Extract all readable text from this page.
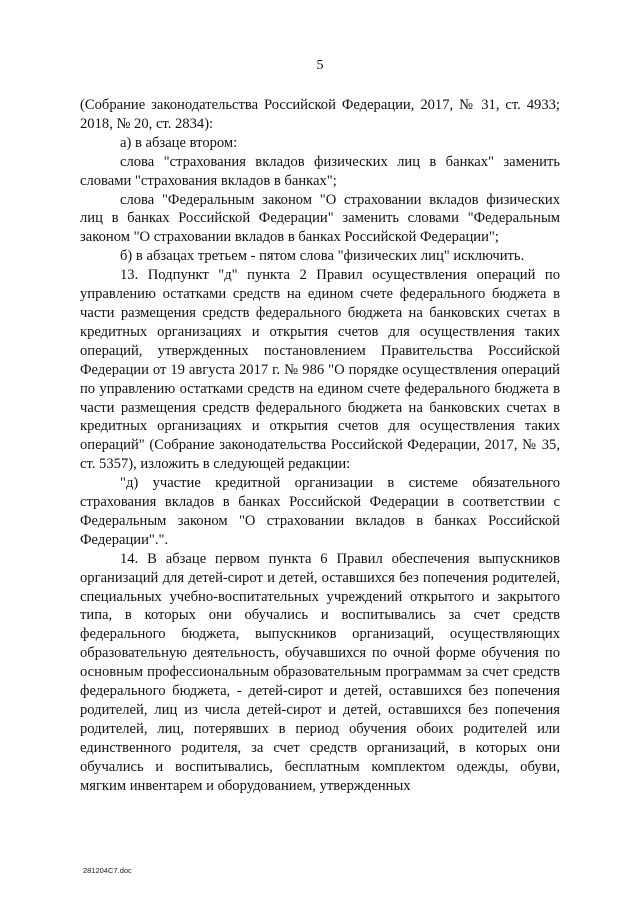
5

(Собрание законодательства Российской Федерации, 2017, № 31, ст. 4933; 2018, № 20, ст. 2834):

а) в абзаце втором:

слова "страхования вкладов физических лиц в банках" заменить словами "страхования вкладов в банках";

слова "Федеральным законом "О страховании вкладов физических лиц в банках Российской Федерации" заменить словами "Федеральным законом "О страховании вкладов в банках Российской Федерации";

б) в абзацах третьем - пятом слова "физических лиц" исключить.

13. Подпункт "д" пункта 2 Правил осуществления операций по управлению остатками средств на едином счете федерального бюджета в части размещения средств федерального бюджета на банковских счетах в кредитных организациях и открытия счетов для осуществления таких операций, утвержденных постановлением Правительства Российской Федерации от 19 августа 2017 г. № 986 "О порядке осуществления операций по управлению остатками средств на едином счете федерального бюджета в части размещения средств федерального бюджета на банковских счетах в кредитных организациях и открытия счетов для осуществления таких операций" (Собрание законодательства Российской Федерации, 2017, № 35, ст. 5357), изложить в следующей редакции:

"д) участие кредитной организации в системе обязательного страхования вкладов в банках Российской Федерации в соответствии с Федеральным законом "О страховании вкладов в банках Российской Федерации".".

14. В абзаце первом пункта 6 Правил обеспечения выпускников организаций для детей-сирот и детей, оставшихся без попечения родителей, специальных учебно-воспитательных учреждений открытого и закрытого типа, в которых они обучались и воспитывались за счет средств федерального бюджета, выпускников организаций, осуществляющих образовательную деятельность, обучавшихся по очной форме обучения по основным профессиональным образовательным программам за счет средств федерального бюджета, - детей-сирот и детей, оставшихся без попечения родителей, лиц из числа детей-сирот и детей, оставшихся без попечения родителей, лиц, потерявших в период обучения обоих родителей или единственного родителя, за счет средств организаций, в которых они обучались и воспитывались, бесплатным комплектом одежды, обуви, мягким инвентарем и оборудованием, утвержденных

281204C7.doc
